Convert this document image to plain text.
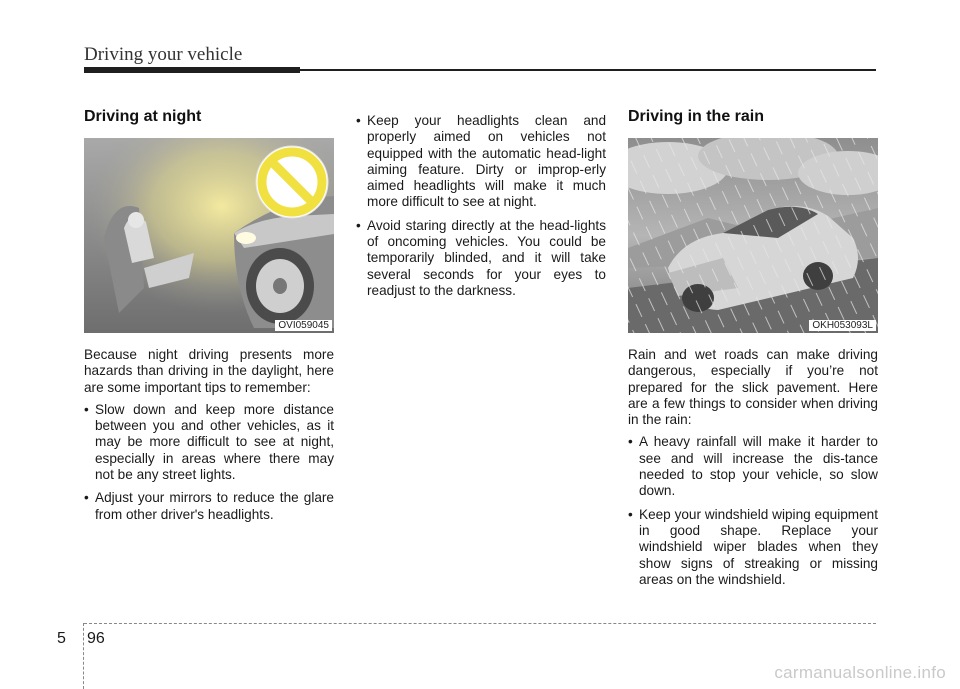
Driving your vehicle
Driving at night
OVI059045

Because night driving presents more hazards than driving in the daylight, here are some important tips to remember:

• Slow down and keep more distance between you and other vehicles, as it may be more difficult to see at night, especially in areas where there may not be any street lights.
• Adjust your mirrors to reduce the glare from other driver's headlights.
• Keep your headlights clean and properly aimed on vehicles not equipped with the automatic head-light aiming feature. Dirty or improp-erly aimed headlights will make it much more difficult to see at night.
• Avoid staring directly at the head-lights of oncoming vehicles. You could be temporarily blinded, and it will take several seconds for your eyes to readjust to the darkness.
Driving in the rain
OKH053093L

Rain and wet roads can make driving dangerous, especially if you’re not prepared for the slick pavement. Here are a few things to consider when driving in the rain:

• A heavy rainfall will make it harder to see and will increase the dis-tance needed to stop your vehicle, so slow down.
• Keep your windshield wiping equipment in good shape. Replace your windshield wiper blades when they show signs of streaking or missing areas on the windshield.
5 96
carmanualsonline.info
